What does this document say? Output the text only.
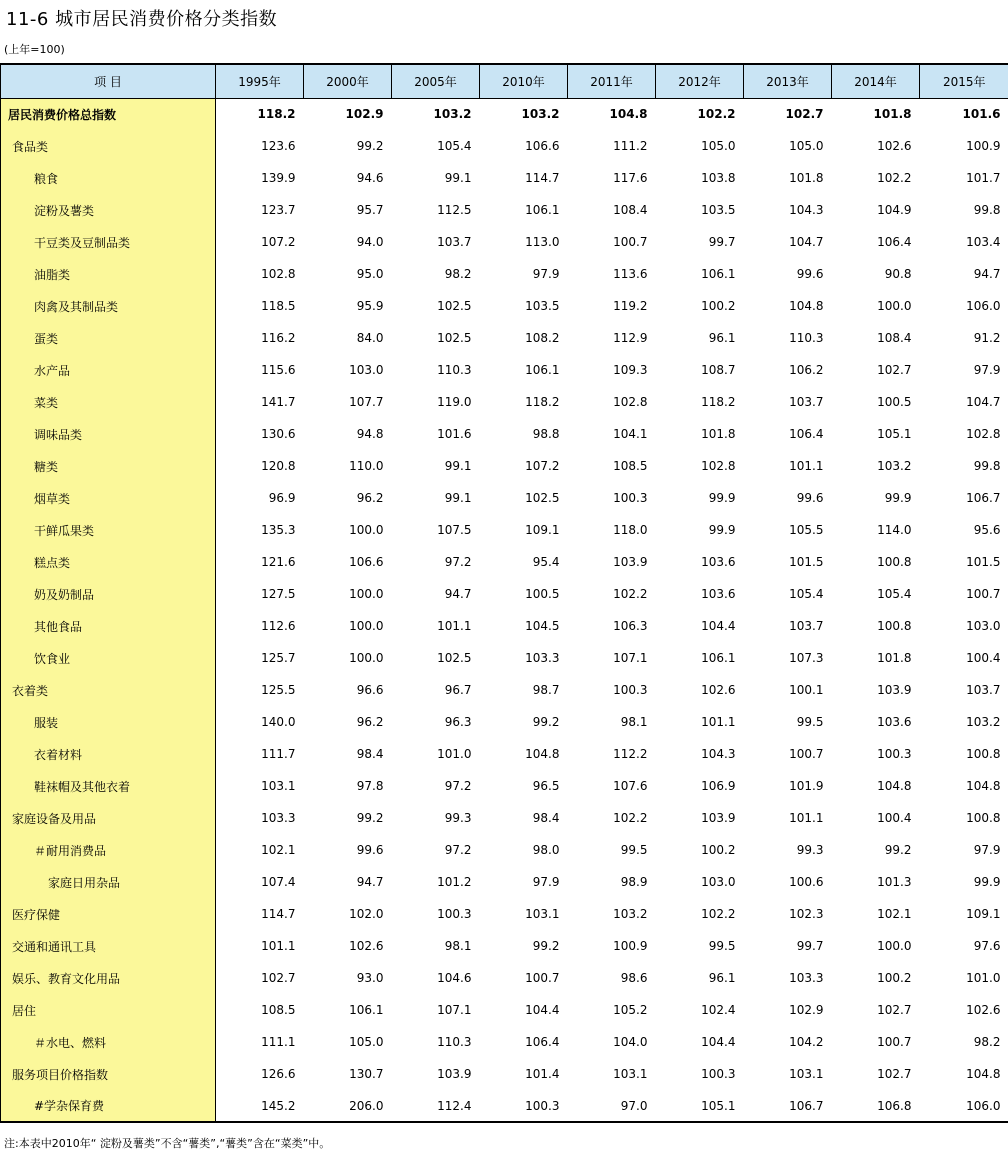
11-6 城市居民消费价格分类指数
(上年=100)
项 目	1995年	2000年	2005年	2010年	2011年	2012年	2013年	2014年	2015年
居民消费价格总指数	118.2	102.9	103.2	103.2	104.8	102.2	102.7	101.8	101.6
食品类	123.6	99.2	105.4	106.6	111.2	105.0	105.0	102.6	100.9
粮食	139.9	94.6	99.1	114.7	117.6	103.8	101.8	102.2	101.7
淀粉及薯类	123.7	95.7	112.5	106.1	108.4	103.5	104.3	104.9	99.8
干豆类及豆制品类	107.2	94.0	103.7	113.0	100.7	99.7	104.7	106.4	103.4
油脂类	102.8	95.0	98.2	97.9	113.6	106.1	99.6	90.8	94.7
肉禽及其制品类	118.5	95.9	102.5	103.5	119.2	100.2	104.8	100.0	106.0
蛋类	116.2	84.0	102.5	108.2	112.9	96.1	110.3	108.4	91.2
水产品	115.6	103.0	110.3	106.1	109.3	108.7	106.2	102.7	97.9
菜类	141.7	107.7	119.0	118.2	102.8	118.2	103.7	100.5	104.7
调味品类	130.6	94.8	101.6	98.8	104.1	101.8	106.4	105.1	102.8
糖类	120.8	110.0	99.1	107.2	108.5	102.8	101.1	103.2	99.8
烟草类	96.9	96.2	99.1	102.5	100.3	99.9	99.6	99.9	106.7
干鲜瓜果类	135.3	100.0	107.5	109.1	118.0	99.9	105.5	114.0	95.6
糕点类	121.6	106.6	97.2	95.4	103.9	103.6	101.5	100.8	101.5
奶及奶制品	127.5	100.0	94.7	100.5	102.2	103.6	105.4	105.4	100.7
其他食品	112.6	100.0	101.1	104.5	106.3	104.4	103.7	100.8	103.0
饮食业	125.7	100.0	102.5	103.3	107.1	106.1	107.3	101.8	100.4
衣着类	125.5	96.6	96.7	98.7	100.3	102.6	100.1	103.9	103.7
服装	140.0	96.2	96.3	99.2	98.1	101.1	99.5	103.6	103.2
衣着材料	111.7	98.4	101.0	104.8	112.2	104.3	100.7	100.3	100.8
鞋袜帽及其他衣着	103.1	97.8	97.2	96.5	107.6	106.9	101.9	104.8	104.8
家庭设备及用品	103.3	99.2	99.3	98.4	102.2	103.9	101.1	100.4	100.8
＃耐用消费品	102.1	99.6	97.2	98.0	99.5	100.2	99.3	99.2	97.9
家庭日用杂品	107.4	94.7	101.2	97.9	98.9	103.0	100.6	101.3	99.9
医疗保健	114.7	102.0	100.3	103.1	103.2	102.2	102.3	102.1	109.1
交通和通讯工具	101.1	102.6	98.1	99.2	100.9	99.5	99.7	100.0	97.6
娱乐、教育文化用品	102.7	93.0	104.6	100.7	98.6	96.1	103.3	100.2	101.0
居住	108.5	106.1	107.1	104.4	105.2	102.4	102.9	102.7	102.6
＃水电、燃料	111.1	105.0	110.3	106.4	104.0	104.4	104.2	100.7	98.2
服务项目价格指数	126.6	130.7	103.9	101.4	103.1	100.3	103.1	102.7	104.8
#学杂保育费	145.2	206.0	112.4	100.3	97.0	105.1	106.7	106.8	106.0
注:本表中2010年“ 淀粉及薯类”不含“薯类”,“薯类”含在“菜类”中。
